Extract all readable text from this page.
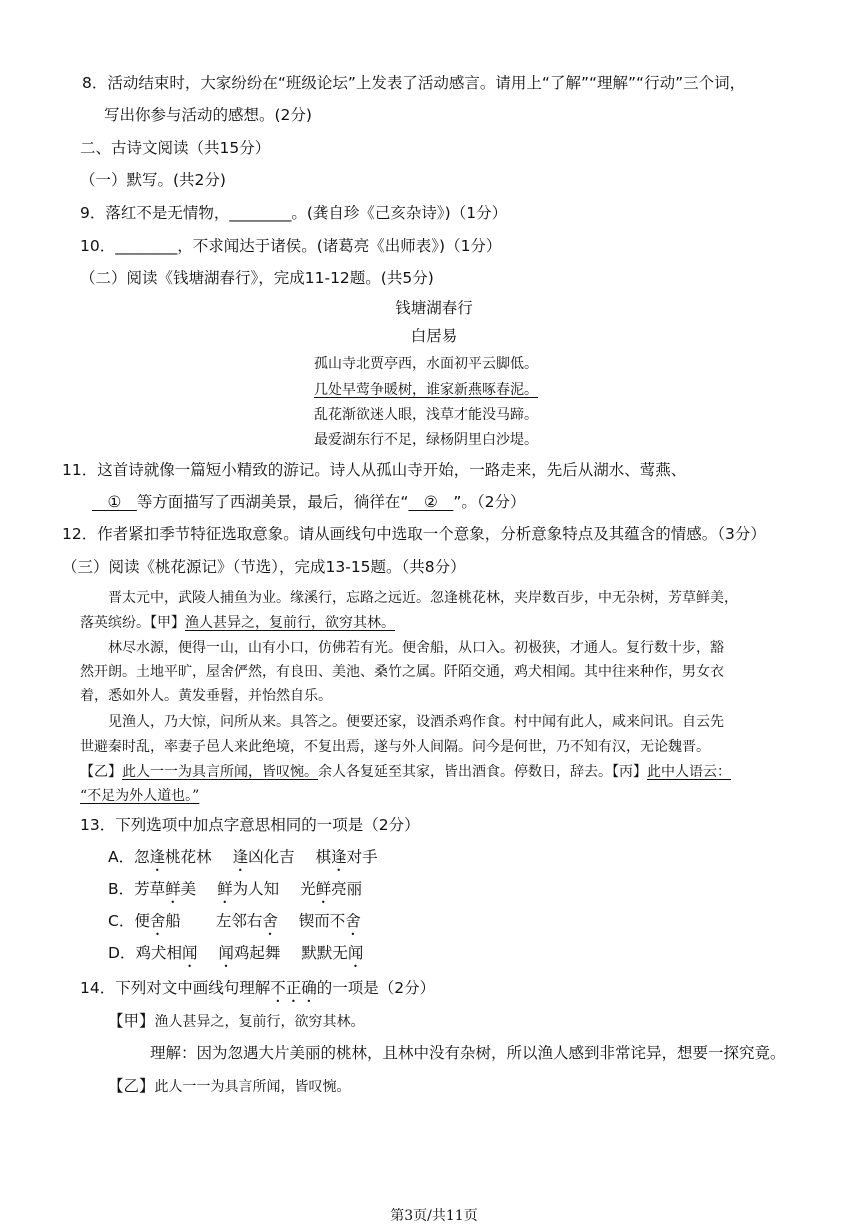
8．活动结束时，大家纷纷在“班级论坛”上发表了活动感言。请用上“了解”“理解”“行动”三个词，
写出你参与活动的感想。(2分)
二、古诗文阅读（共15分）
（一）默写。(共2分)
9．落红不是无情物，________。(龚自珍《己亥杂诗》)（1分）
10．________，不求闻达于诸侯。(诸葛亮《出师表》)（1分）
（二）阅读《钱塘湖春行》，完成11-12题。(共5分)
钱塘湖春行
白居易
孤山寺北贾亭西，水面初平云脚低。
几处早莺争暖树，谁家新燕啄春泥。
乱花渐欲迷人眼，浅草才能没马蹄。
最爱湖东行不足，绿杨阴里白沙堤。
11．这首诗就像一篇短小精致的游记。诗人从孤山寺开始，一路走来，先后从湖水、莺燕、
　①　等方面描写了西湖美景，最后，徜徉在“　②　”。（2分）
12．作者紧扣季节特征选取意象。请从画线句中选取一个意象，分析意象特点及其蕴含的情感。（3分）
（三）阅读《桃花源记》（节选），完成13-15题。（共8分）
晋太元中，武陵人捕鱼为业。缘溪行，忘路之远近。忽逢桃花林，夹岸数百步，中无杂树，芳草鲜美，
落英缤纷。【甲】渔人甚异之，复前行，欲穷其林。
林尽水源，便得一山，山有小口，仿佛若有光。便舍船，从口入。初极狭，才通人。复行数十步，豁
然开朗。土地平旷，屋舍俨然，有良田、美池、桑竹之属。阡陌交通，鸡犬相闻。其中往来种作，男女衣
着，悉如外人。黄发垂髫，并怡然自乐。
见渔人，乃大惊，问所从来。具答之。便要还家，设酒杀鸡作食。村中闻有此人，咸来问讯。自云先
世避秦时乱，率妻子邑人来此绝境，不复出焉，遂与外人间隔。问今是何世，乃不知有汉，无论魏晋。
【乙】此人一一为具言所闻，皆叹惋。余人各复延至其家，皆出酒食。停数日，辞去。【丙】此中人语云：
“不足为外人道也。”
13．下列选项中加点字意思相同的一项是（2分）
A．忽逢桃花林 逢凶化吉 棋逢对手
B．芳草鲜美 鲜为人知 光鲜亮丽
C．便舍船 左邻右舍 锲而不舍
D．鸡犬相闻 闻鸡起舞 默默无闻
14．下列对文中画线句理解不正确的一项是（2分）
【甲】渔人甚异之，复前行，欲穷其林。
理解：因为忽遇大片美丽的桃林，且林中没有杂树，所以渔人感到非常诧异，想要一探究竟。
【乙】此人一一为具言所闻，皆叹惋。
第3页/共11页
